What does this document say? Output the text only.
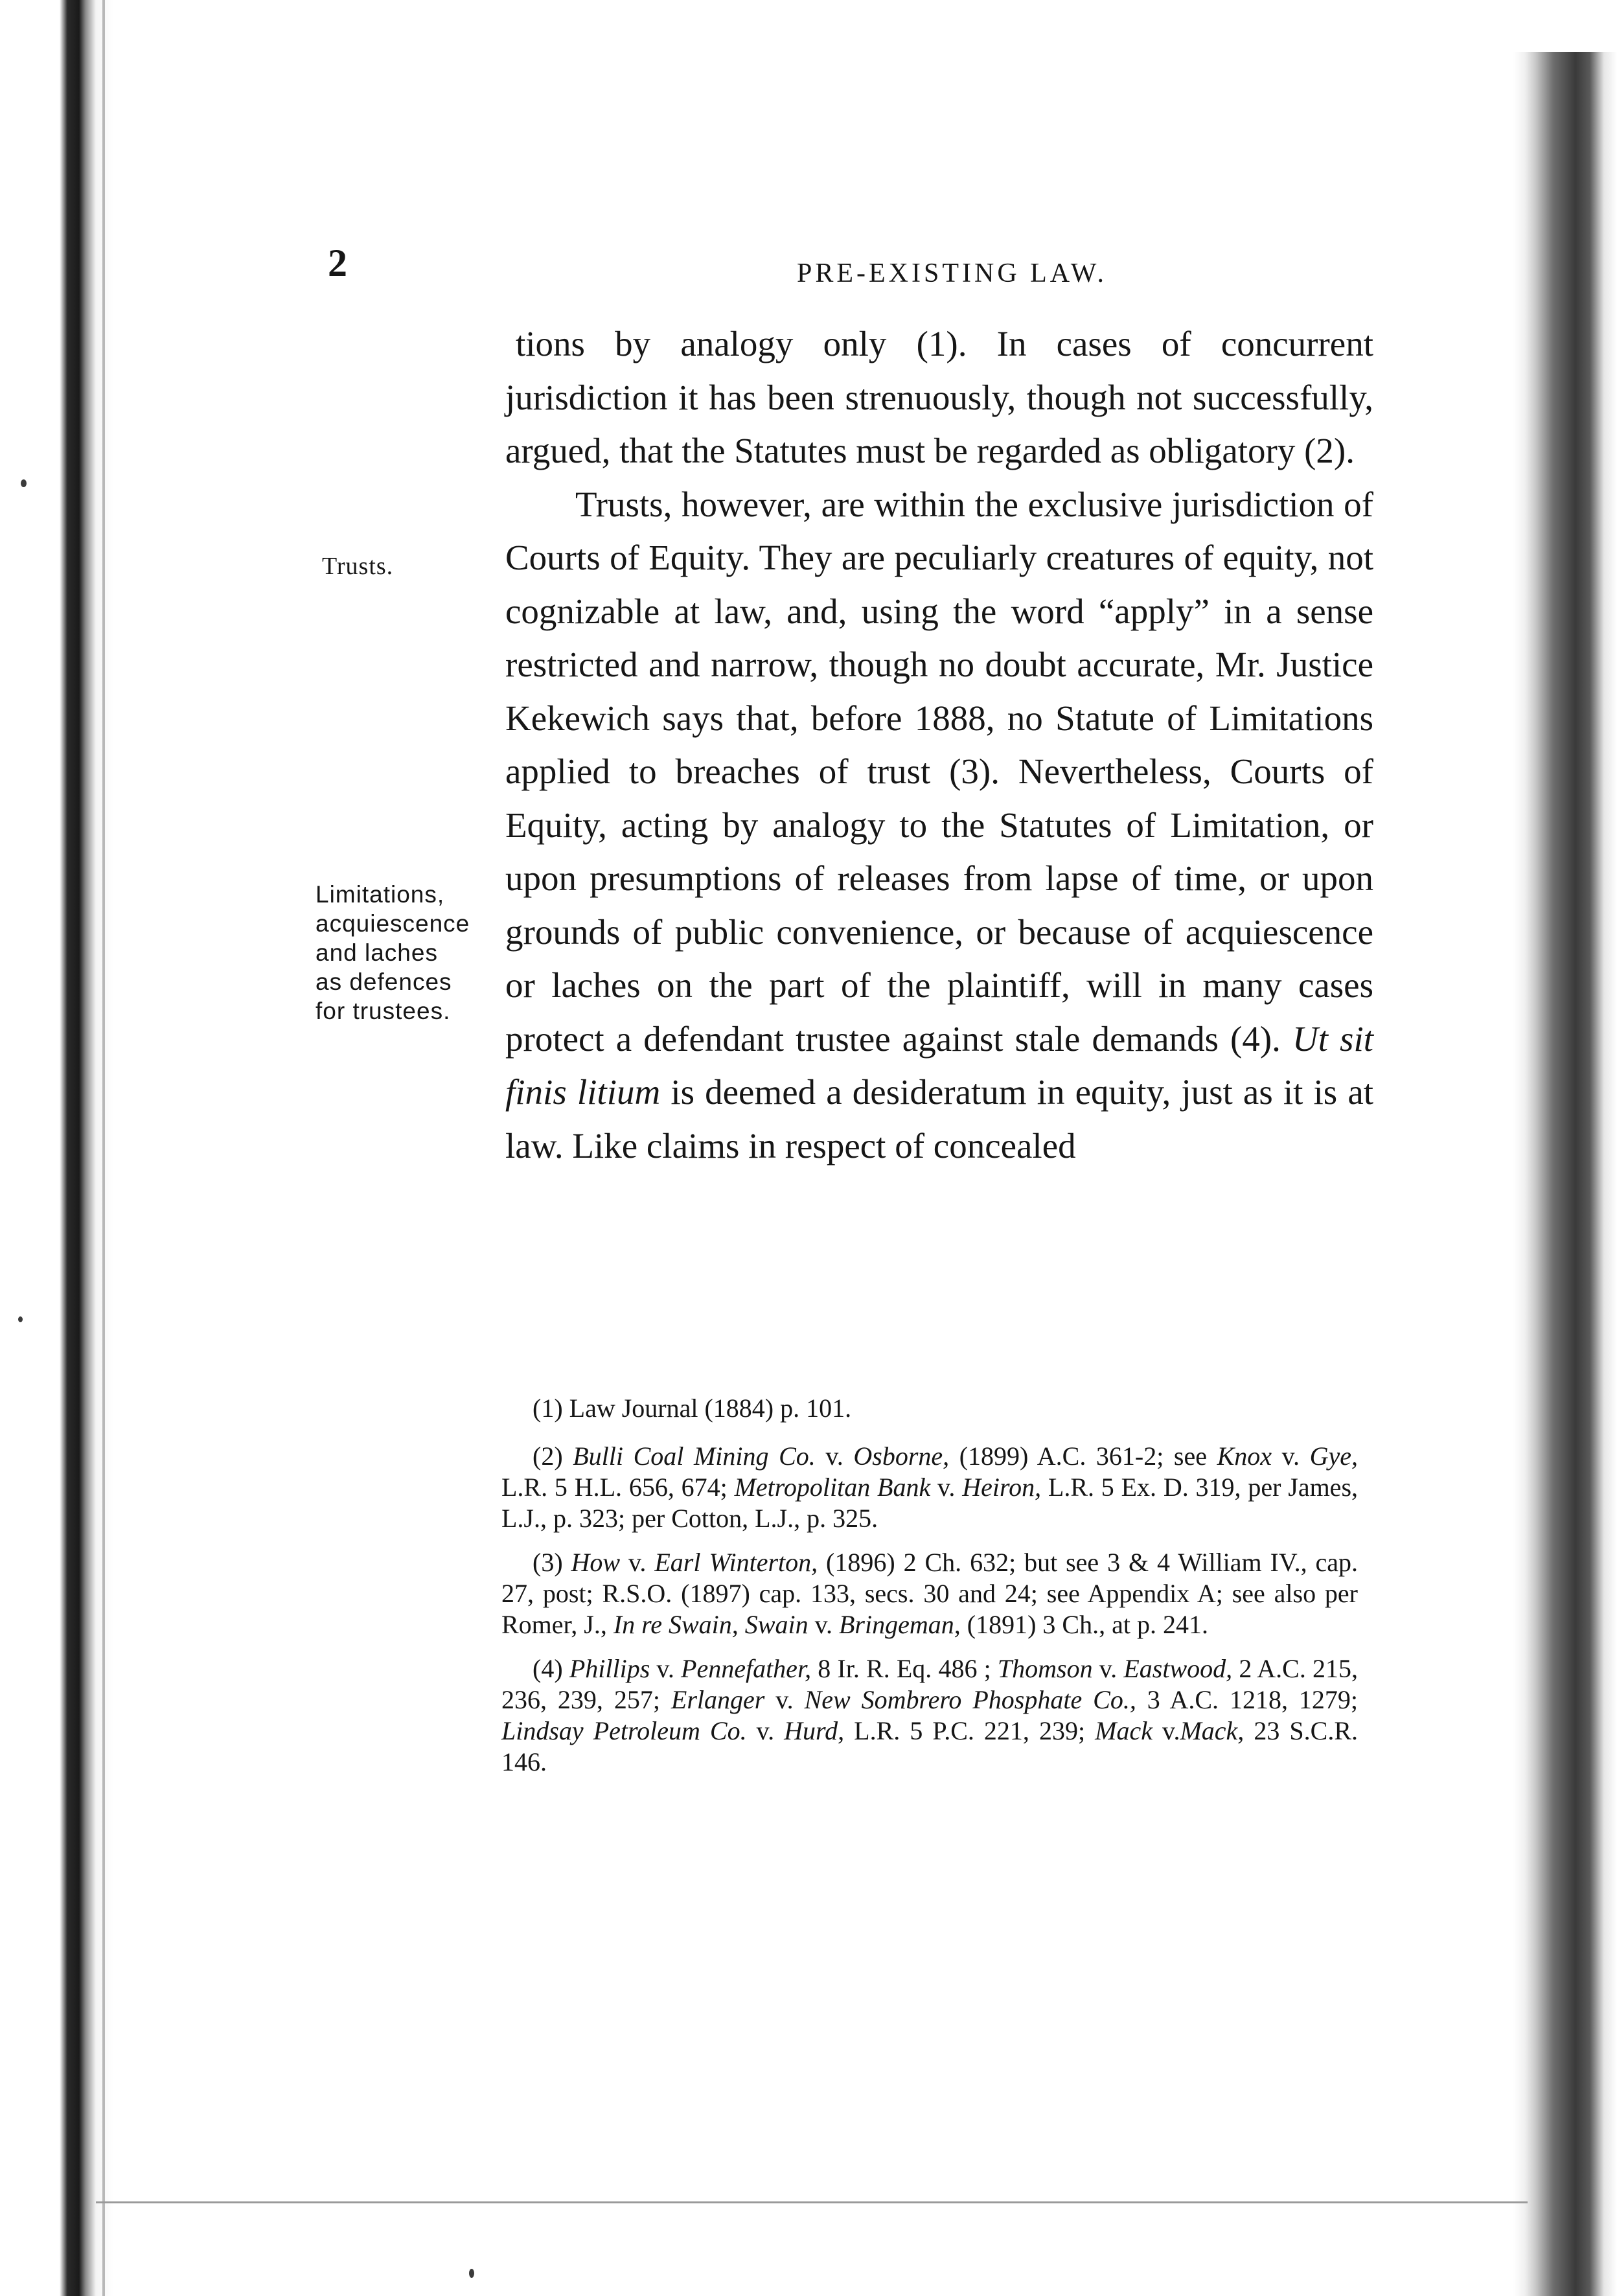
2	PRE-EXISTING LAW.
Trusts.
Limitations,
acquiescence
and laches
as defences
for trustees.

tions by analogy only (1). In cases of concurrent jurisdiction it has been strenuously, though not successfully, argued, that the Statutes must be regarded as obligatory (2).

Trusts, however, are within the exclusive jurisdiction of Courts of Equity. They are peculiarly creatures of equity, not cognizable at law, and, using the word “apply” in a sense restricted and narrow, though no doubt accurate, Mr. Justice Kekewich says that, before 1888, no Statute of Limitations applied to breaches of trust (3). Nevertheless, Courts of Equity, acting by analogy to the Statutes of Limitation, or upon presumptions of releases from lapse of time, or upon grounds of public convenience, or because of acquiescence or laches on the part of the plaintiff, will in many cases protect a defendant trustee against stale demands (4). Ut sit finis litium is deemed a desideratum in equity, just as it is at law. Like claims in respect of concealed

(1) Law Journal (1884) p. 101.

(2) Bulli Coal Mining Co. v. Osborne, (1899) A.C. 361-2; see Knox v. Gye, L.R. 5 H.L. 656, 674; Metropolitan Bank v. Heiron, L.R. 5 Ex. D. 319, per James, L.J., p. 323; per Cotton, L.J., p. 325.

(3) How v. Earl Winterton, (1896) 2 Ch. 632; but see 3 & 4 William IV., cap. 27, post; R.S.O. (1897) cap. 133, secs. 30 and 24; see Appendix A; see also per Romer, J., In re Swain, Swain v. Bringeman, (1891) 3 Ch., at p. 241.

(4) Phillips v. Pennefather, 8 Ir. R. Eq. 486 ; Thomson v. Eastwood, 2 A.C. 215, 236, 239, 257; Erlanger v. New Sombrero Phosphate Co., 3 A.C. 1218, 1279; Lindsay Petroleum Co. v. Hurd, L.R. 5 P.C. 221, 239; Mack v.Mack, 23 S.C.R. 146.
